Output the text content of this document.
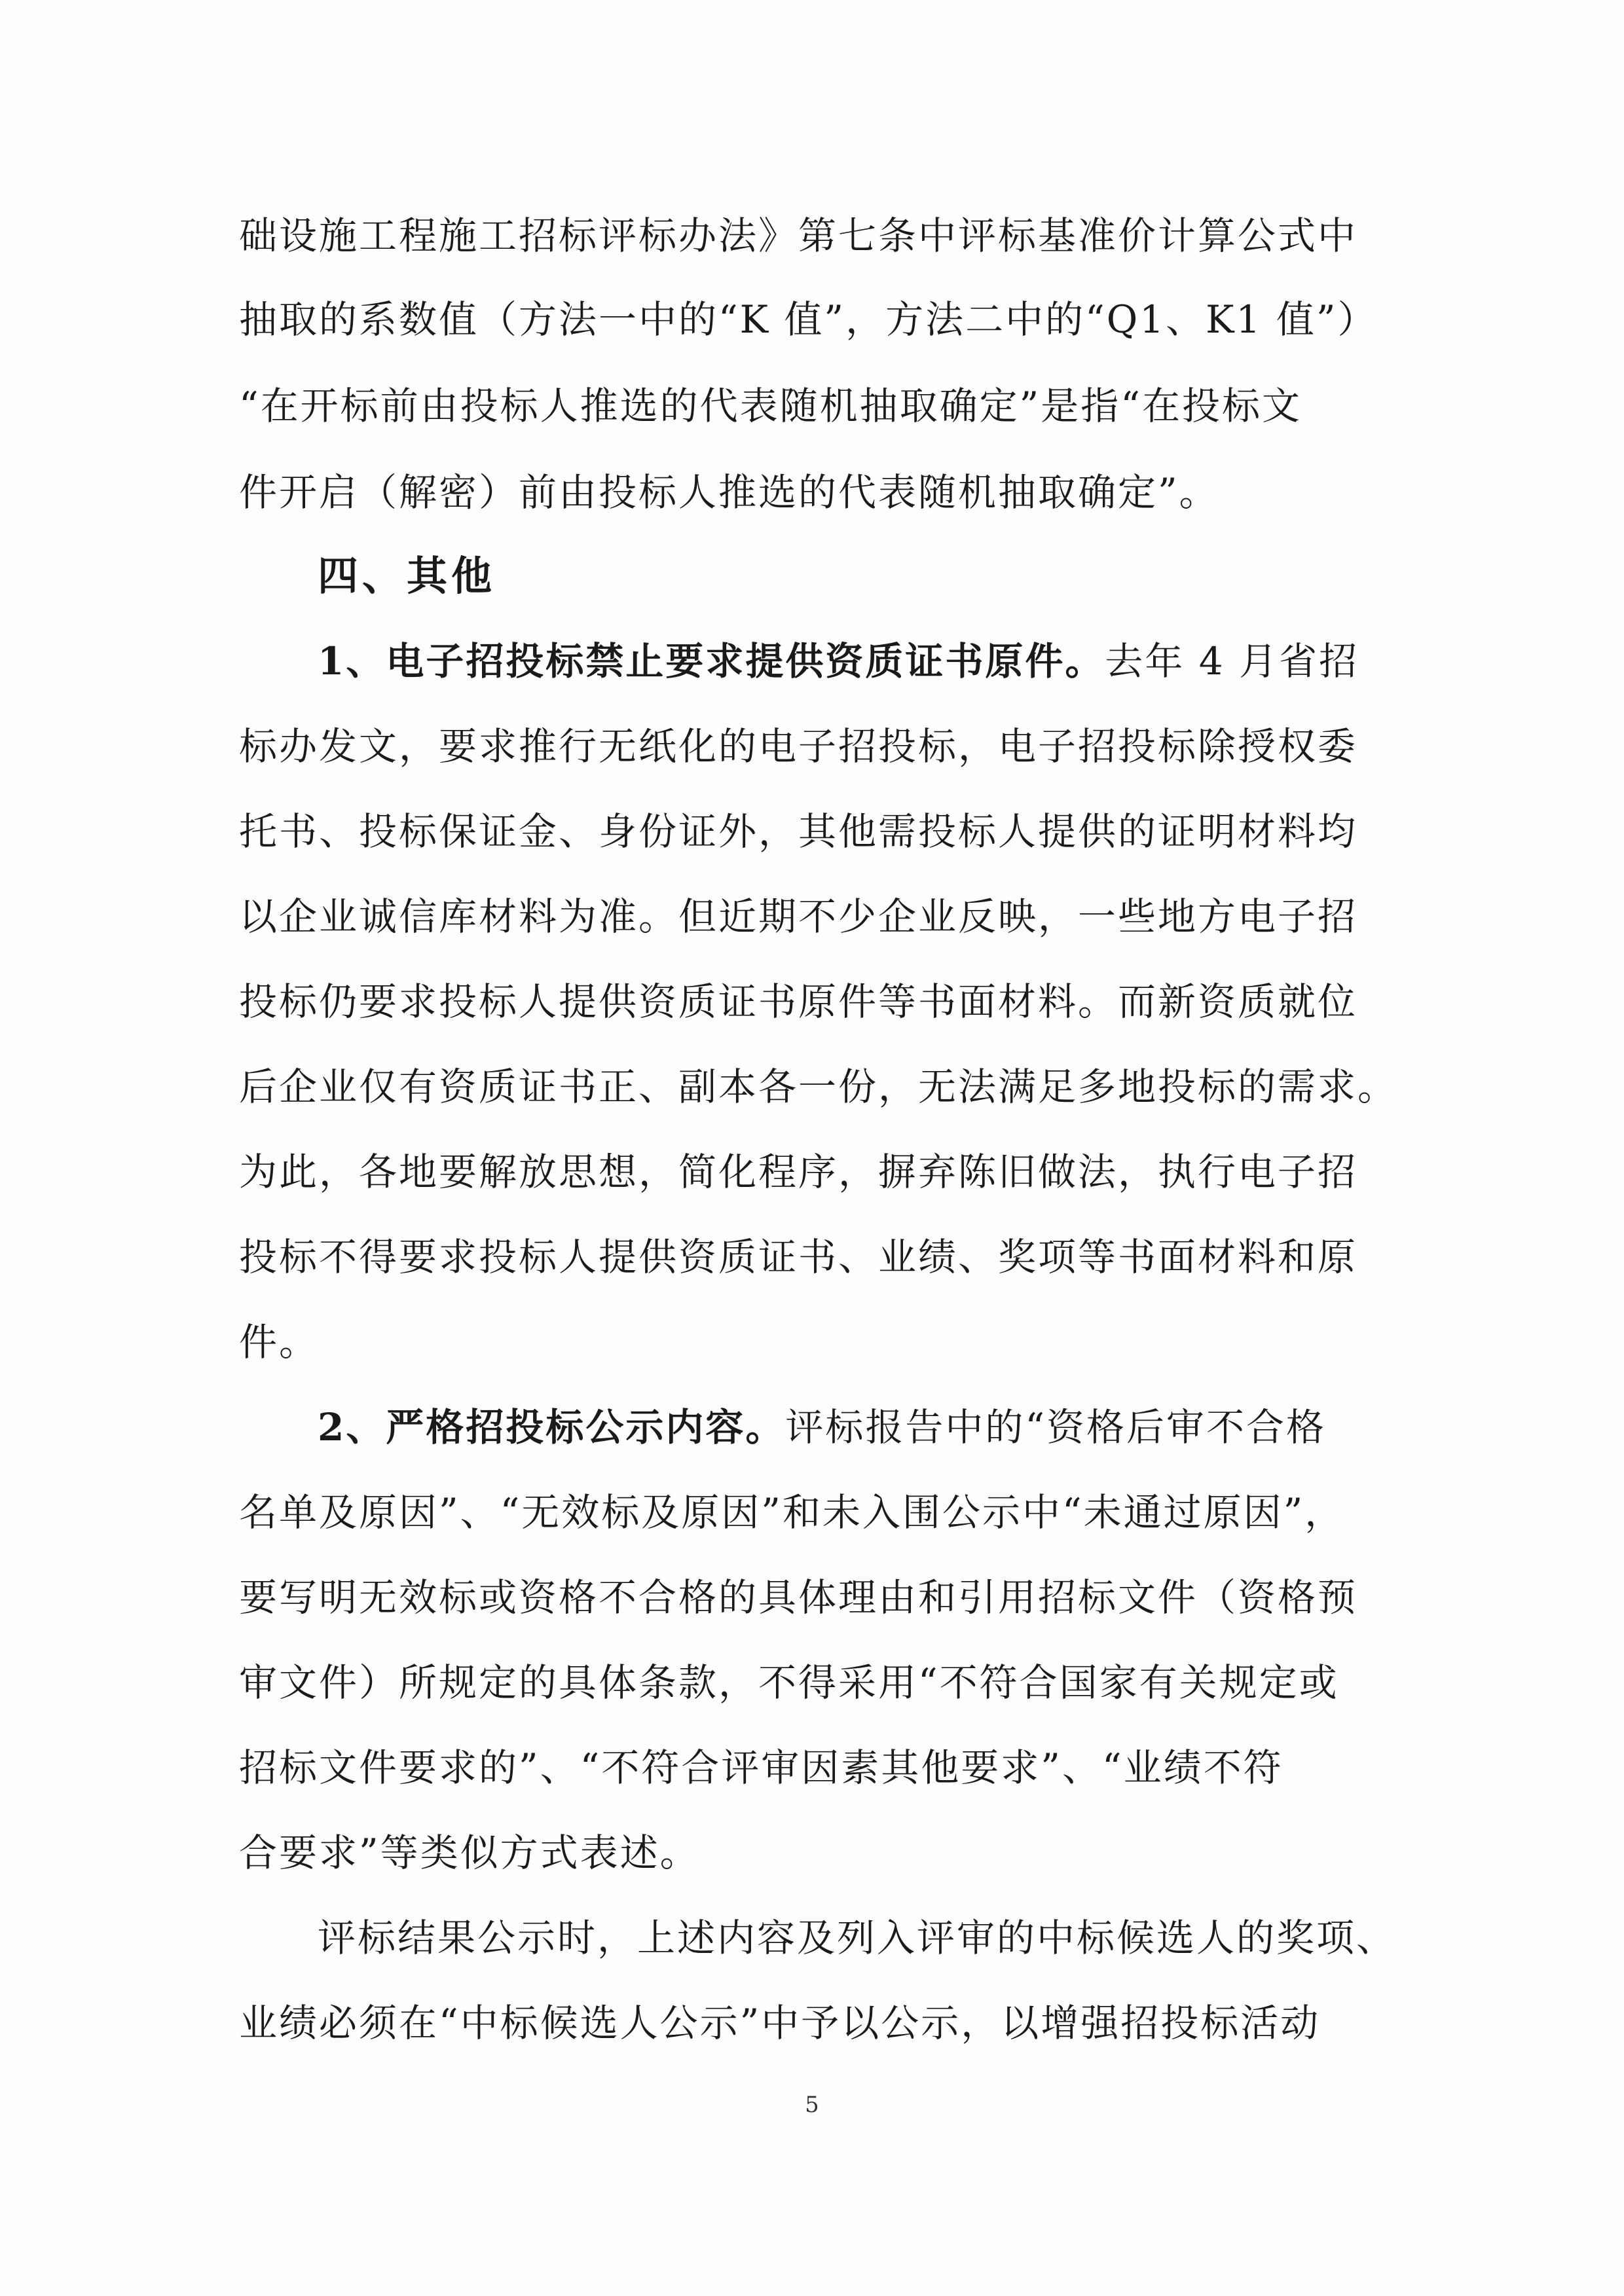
础设施工程施工招标评标办法》第七条中评标基准价计算公式中
抽取的系数值（方法一中的“K 值”，方法二中的“Q1、K1 值”）
“在开标前由投标人推选的代表随机抽取确定”是指“在投标文
件开启（解密）前由投标人推选的代表随机抽取确定”。
四、其他
1、电子招投标禁止要求提供资质证书原件。去年 4 月省招
标办发文，要求推行无纸化的电子招投标，电子招投标除授权委
托书、投标保证金、身份证外，其他需投标人提供的证明材料均
以企业诚信库材料为准。但近期不少企业反映，一些地方电子招
投标仍要求投标人提供资质证书原件等书面材料。而新资质就位
后企业仅有资质证书正、副本各一份，无法满足多地投标的需求。
为此，各地要解放思想，简化程序，摒弃陈旧做法，执行电子招
投标不得要求投标人提供资质证书、业绩、奖项等书面材料和原
件。
2、严格招投标公示内容。评标报告中的“资格后审不合格
名单及原因”、“无效标及原因”和未入围公示中“未通过原因”，
要写明无效标或资格不合格的具体理由和引用招标文件（资格预
审文件）所规定的具体条款，不得采用“不符合国家有关规定或
招标文件要求的”、“不符合评审因素其他要求”、“业绩不符
合要求”等类似方式表述。
评标结果公示时，上述内容及列入评审的中标候选人的奖项、
业绩必须在“中标候选人公示”中予以公示，以增强招投标活动
5
